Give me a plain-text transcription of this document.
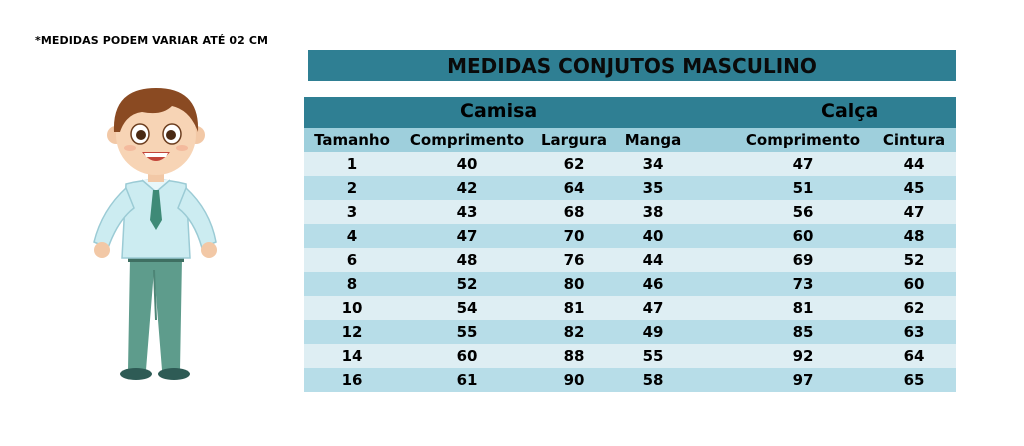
*MEDIDAS PODEM VARIAR ATÉ 02 CM
MEDIDAS CONJUTOS MASCULINO
Camisa	Calça
Tamanho Comprimento Largura Manga	Comprimento Cintura
1	40	62	34	47	44
2	42	64	35	51	45
3	43	68	38	56	47
4	47	70	40	60	48
6	48	76	44	69	52
8	52	80	46	73	60
10	54	81	47	81	62
12	55	82	49	85	63
14	60	88	55	92	64
16	61	90	58	97	65
